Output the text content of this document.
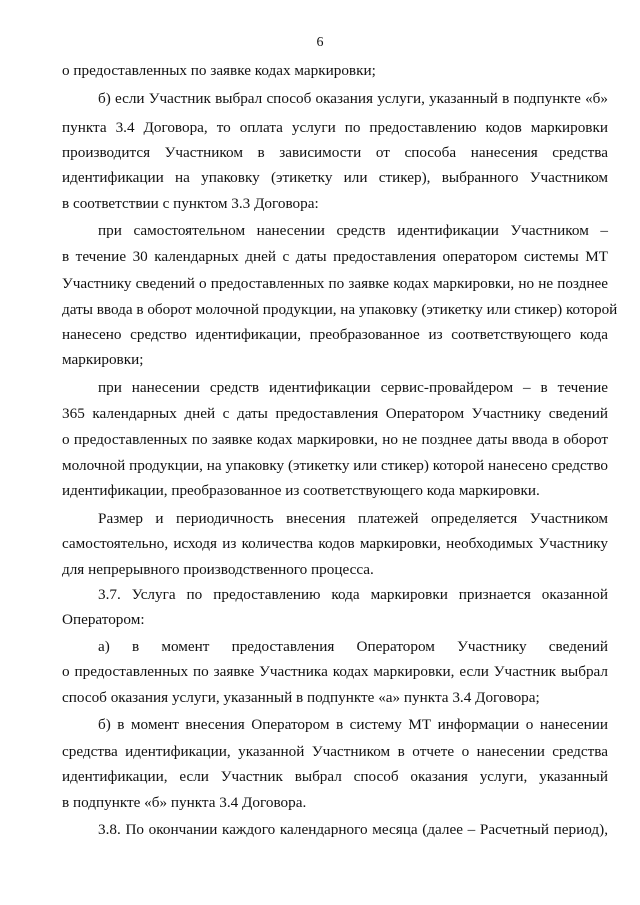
6
о предоставленных по заявке кодах маркировки;
б) если Участник выбрал способ оказания услуги, указанный в подпункте «б»
пункта 3.4 Договора, то оплата услуги по предоставлению кодов маркировки
производится Участником в зависимости от способа нанесения средства
идентификации на упаковку (этикетку или стикер), выбранного Участником
в соответствии с пунктом 3.3 Договора:
при самостоятельном нанесении средств идентификации Участником –
в течение 30 календарных дней с даты предоставления оператором системы МТ
Участнику сведений о предоставленных по заявке кодах маркировки, но не позднее
даты ввода в оборот молочной продукции, на упаковку (этикетку или стикер) которой
нанесено средство идентификации, преобразованное из соответствующего кода
маркировки;
при нанесении средств идентификации сервис-провайдером – в течение
365 календарных дней с даты предоставления Оператором Участнику сведений
о предоставленных по заявке кодах маркировки, но не позднее даты ввода в оборот
молочной продукции, на упаковку (этикетку или стикер) которой нанесено средство
идентификации, преобразованное из соответствующего кода маркировки.
Размер и периодичность внесения платежей определяется Участником
самостоятельно, исходя из количества кодов маркировки, необходимых Участнику
для непрерывного производственного процесса.
3.7. Услуга по предоставлению кода маркировки признается оказанной
Оператором:
а) в момент предоставления Оператором Участнику сведений
о предоставленных по заявке Участника кодах маркировки, если Участник выбрал
способ оказания услуги, указанный в подпункте «а» пункта 3.4 Договора;
б) в момент внесения Оператором в систему МТ информации о нанесении
средства идентификации, указанной Участником в отчете о нанесении средства
идентификации, если Участник выбрал способ оказания услуги, указанный
в подпункте «б» пункта 3.4 Договора.
3.8. По окончании каждого календарного месяца (далее – Расчетный период),
